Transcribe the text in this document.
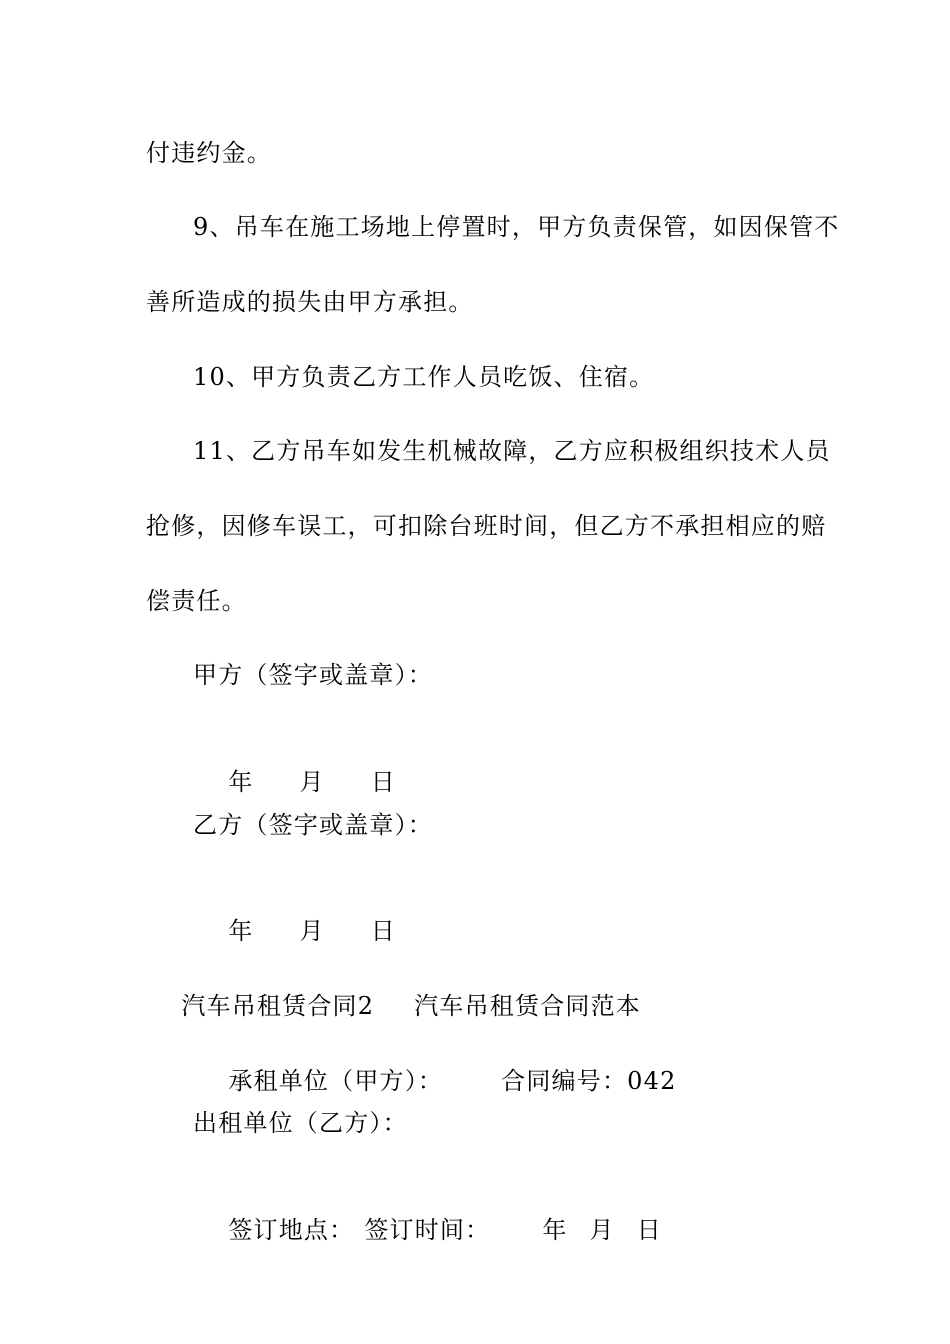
付违约金。
9、吊车在施工场地上停置时，甲方负责保管，如因保管不
善所造成的损失由甲方承担。
10、甲方负责乙方工作人员吃饭、住宿。
11、乙方吊车如发生机械故障，乙方应积极组织技术人员
抢修，因修车误工，可扣除台班时间，但乙方不承担相应的赔
偿责任。
甲方（签字或盖章）：

年 月 日

乙方（签字或盖章）：

年 月 日

汽车吊租赁合同2 汽车吊租赁合同范本

承租单位（甲方）： 合同编号：042

出租单位（乙方）：

签订地点： 签订时间： 年 月 日
